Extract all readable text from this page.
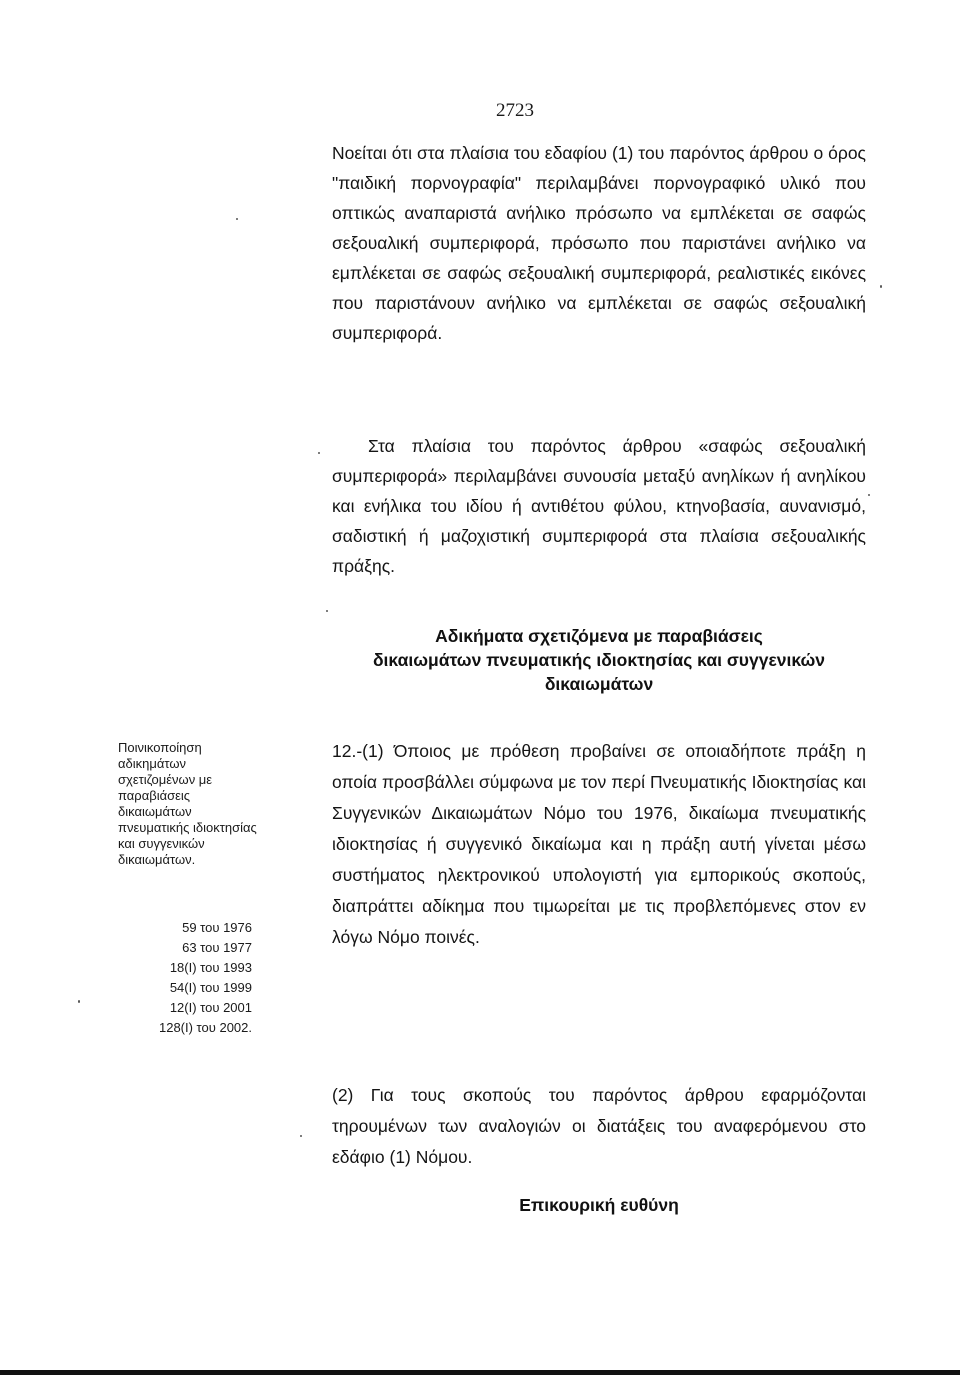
2723

Νοείται ότι στα πλαίσια του εδαφίου (1) του παρόντος άρθρου ο όρος "παιδική πορνογραφία" περιλαμβάνει πορνογραφικό υλικό που οπτικώς αναπαριστά ανήλικο πρόσωπο να εμπλέκεται σε σαφώς σεξουαλική συμπεριφορά, πρόσωπο που παριστάνει ανήλικο να εμπλέκεται σε σαφώς σεξουαλική συμπεριφορά, ρεαλιστικές εικόνες που παριστάνουν ανήλικο να εμπλέκεται σε σαφώς σεξουαλική συμπεριφορά.

Στα πλαίσια του παρόντος άρθρου «σαφώς σεξουαλική συμπεριφορά» περιλαμβάνει συνουσία μεταξύ ανηλίκων ή ανηλίκου και ενήλικα του ιδίου ή αντιθέτου φύλου, κτηνοβασία, αυνανισμό, σαδιστική ή μαζοχιστική συμπεριφορά στα πλαίσια σεξουαλικής πράξης.

Αδικήματα σχετιζόμενα με παραβιάσεις
δικαιωμάτων πνευματικής ιδιοκτησίας και συγγενικών
δικαιωμάτων
Ποινικοποίηση αδικημάτων σχετιζομένων με παραβιάσεις δικαιωμάτων πνευματικής ιδιοκτησίας και συγγενικών δικαιωμάτων.
59 του 1976
63 του 1977
18(I) του 1993
54(I) του 1999
12(I) του 2001
128(I) του 2002.

12.-(1) Όποιος με πρόθεση προβαίνει σε οποιαδήποτε πράξη η οποία προσβάλλει σύμφωνα με τον περί Πνευματικής Ιδιοκτησίας και Συγγενικών Δικαιωμάτων Νόμο του 1976, δικαίωμα πνευματικής ιδιοκτησίας ή συγγενικό δικαίωμα και η πράξη αυτή γίνεται μέσω συστήματος ηλεκτρονικού υπολογιστή για εμπορικούς σκοπούς, διαπράττει αδίκημα που τιμωρείται με τις προβλεπόμενες στον εν λόγω Νόμο ποινές.

(2) Για τους σκοπούς του παρόντος άρθρου εφαρμόζονται τηρουμένων των αναλογιών οι διατάξεις του αναφερόμενου στο εδάφιο (1) Νόμου.

Επικουρική ευθύνη
